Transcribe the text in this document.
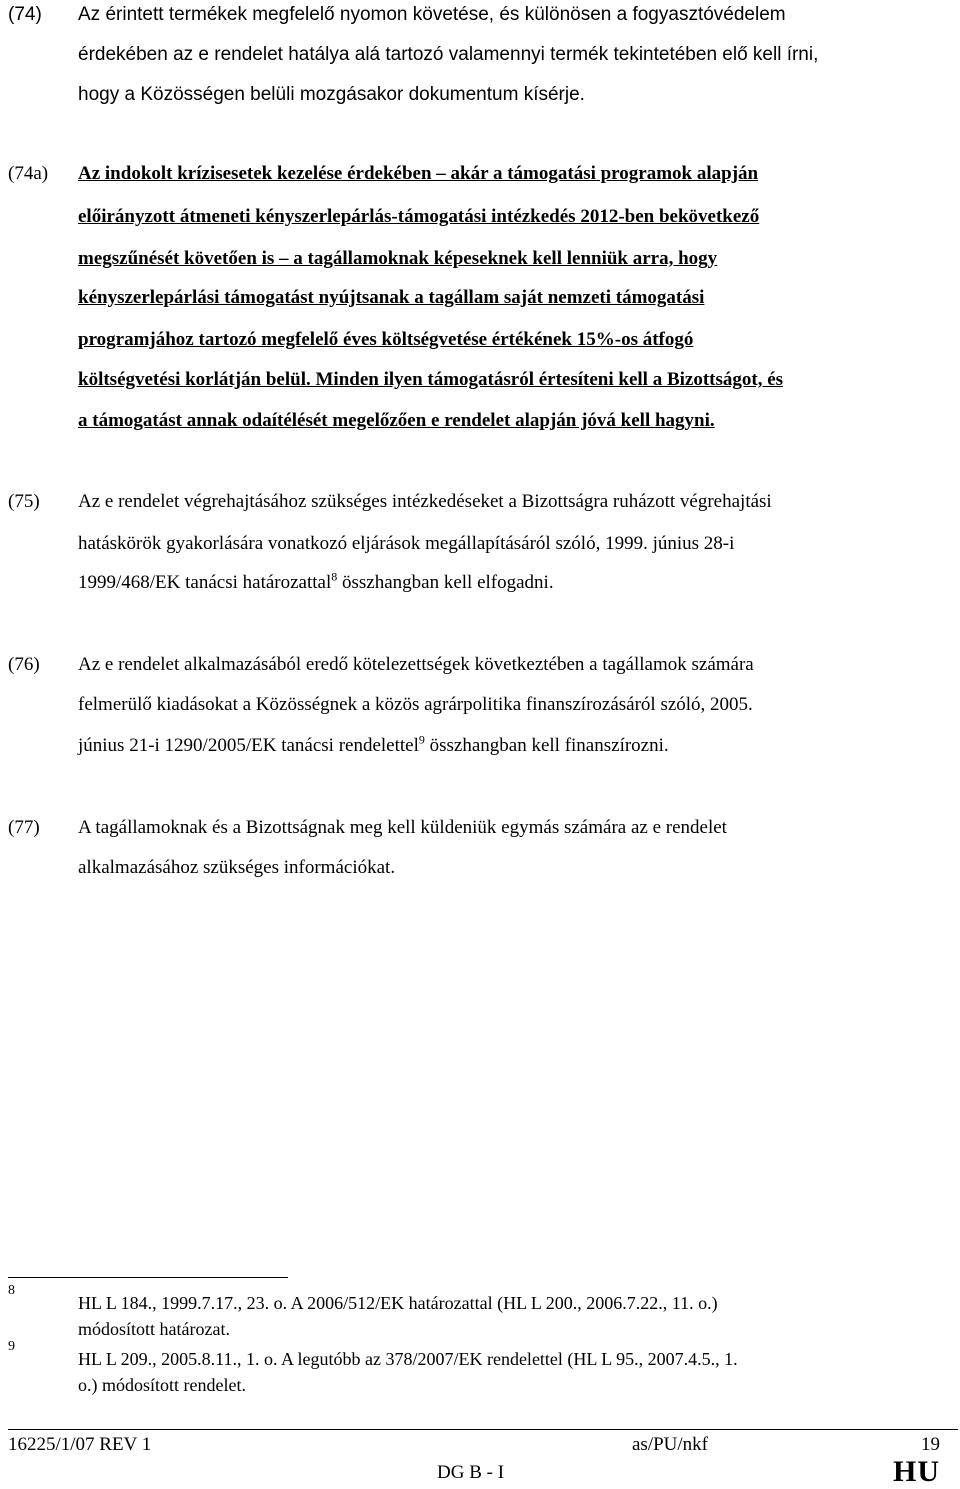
(74) Az érintett termékek megfelelő nyomon követése, és különösen a fogyasztóvédelem
érdekében az e rendelet hatálya alá tartozó valamennyi termék tekintetében elő kell írni,
hogy a Közösségen belüli mozgásakor dokumentum kísérje.
(74a) Az indokolt krízisesetek kezelése érdekében – akár a támogatási programok alapján
előirányzott átmeneti kényszerlepárlás-támogatási intézkedés 2012-ben bekövetkező
megszűnését követően is – a tagállamoknak képeseknek kell lenniük arra, hogy
kényszerlepárlási támogatást nyújtsanak a tagállam saját nemzeti támogatási
programjához tartozó megfelelő éves költségvetése értékének 15%-os átfogó
költségvetési korlátján belül. Minden ilyen támogatásról értesíteni kell a Bizottságot, és
a támogatást annak odaítélését megelőzően e rendelet alapján jóvá kell hagyni.
(75) Az e rendelet végrehajtásához szükséges intézkedéseket a Bizottságra ruházott végrehajtási
hatáskörök gyakorlására vonatkozó eljárások megállapításáról szóló, 1999. június 28-i
1999/468/EK tanácsi határozattal$^8$ összhangban kell elfogadni.
(76) Az e rendelet alkalmazásából eredő kötelezettségek következtében a tagállamok számára
felmerülő kiadásokat a Közösségnek a közös agrárpolitika finanszírozásáról szóló, 2005.
június 21-i 1290/2005/EK tanácsi rendelettel$^9$ összhangban kell finanszírozni.
(77) A tagállamoknak és a Bizottságnak meg kell küldeniük egymás számára az e rendelet
alkalmazásához szükséges információkat.
8
HL L 184., 1999.7.17., 23. o. A 2006/512/EK határozattal (HL L 200., 2006.7.22., 11. o.)
módosított határozat.
9
HL L 209., 2005.8.11., 1. o. A legutóbb az 378/2007/EK rendelettel (HL L 95., 2007.4.5., 1.
o.) módosított rendelet.
16225/1/07 REV 1	as/PU/nkf	19
DG B - I	HU
